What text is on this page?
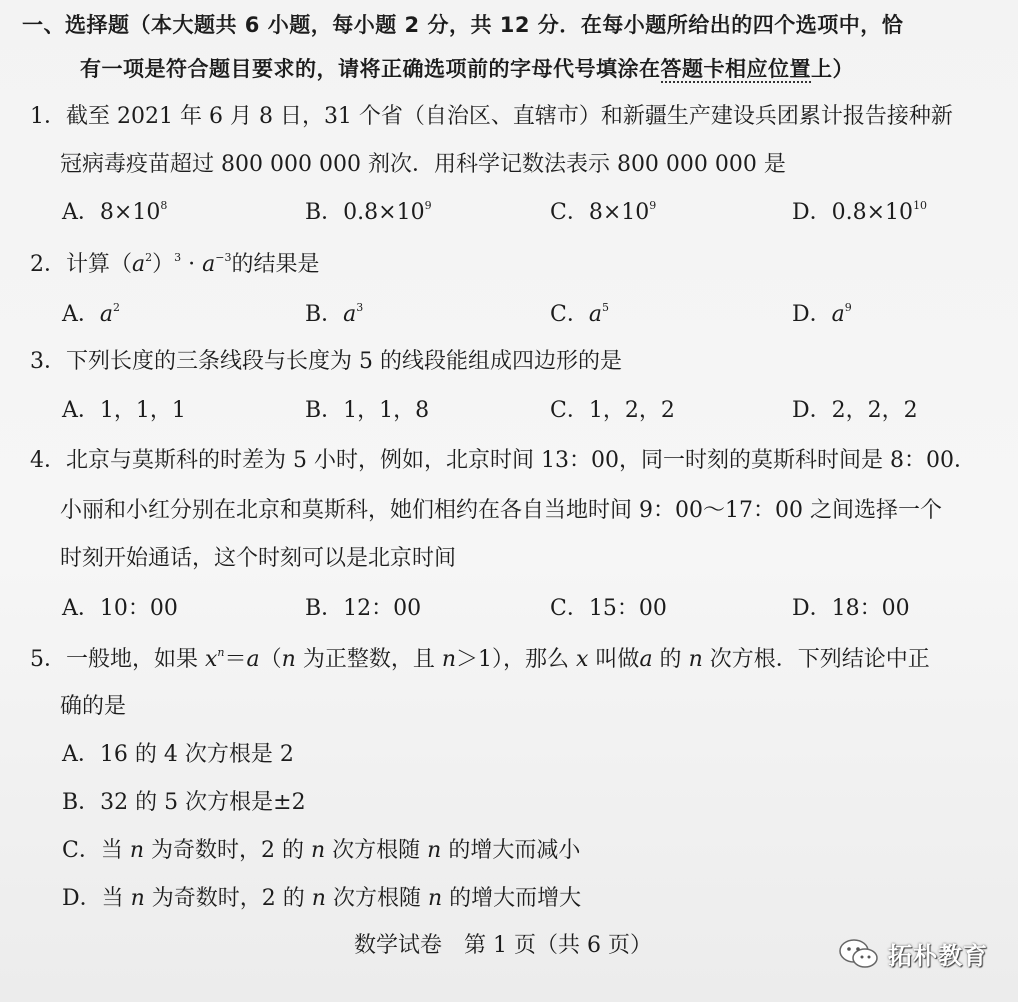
一、选择题（本大题共 6 小题，每小题 2 分，共 12 分．在每小题所给出的四个选项中，恰
有一项是符合题目要求的，请将正确选项前的字母代号填涂在答题卡相应位置上）
1．截至 2021 年 6 月 8 日，31 个省（自治区、直辖市）和新疆生产建设兵团累计报告接种新
冠病毒疫苗超过 800 000 000 剂次．用科学记数法表示 800 000 000 是
A．$8\times 10^8$	B．$0.8\times 10^9$	C．$8\times 10^9$	D．$0.8\times 10^{10}$
2．计算$(a^2)^3 \cdot a^{-3}$的结果是
A．$a^2$	B．$a^3$	C．$a^5$	D．$a^9$
3．下列长度的三条线段与长度为 5 的线段能组成四边形的是
A．1，1，1	B．1，1，8	C．1，2，2	D．2，2，2
4．北京与莫斯科的时差为 5 小时，例如，北京时间 13：00，同一时刻的莫斯科时间是 8：00．
小丽和小红分别在北京和莫斯科，她们相约在各自当地时间 9：00～17：00 之间选择一个
时刻开始通话，这个时刻可以是北京时间
A．10：00	B．12：00	C．15：00	D．18：00
5．一般地，如果 $x^n=a(n$ 为正整数，且 n＞1），那么 x 叫做a 的 n 次方根．下列结论中正
确的是
A．16 的 4 次方根是 2
B．32 的 5 次方根是±2
C．当 n 为奇数时，2 的 n 次方根随 n 的增大而减小
D．当 n 为奇数时，2 的 n 次方根随 n 的增大而增大
数学试卷　第 1 页（共 6 页）	拓朴教育
